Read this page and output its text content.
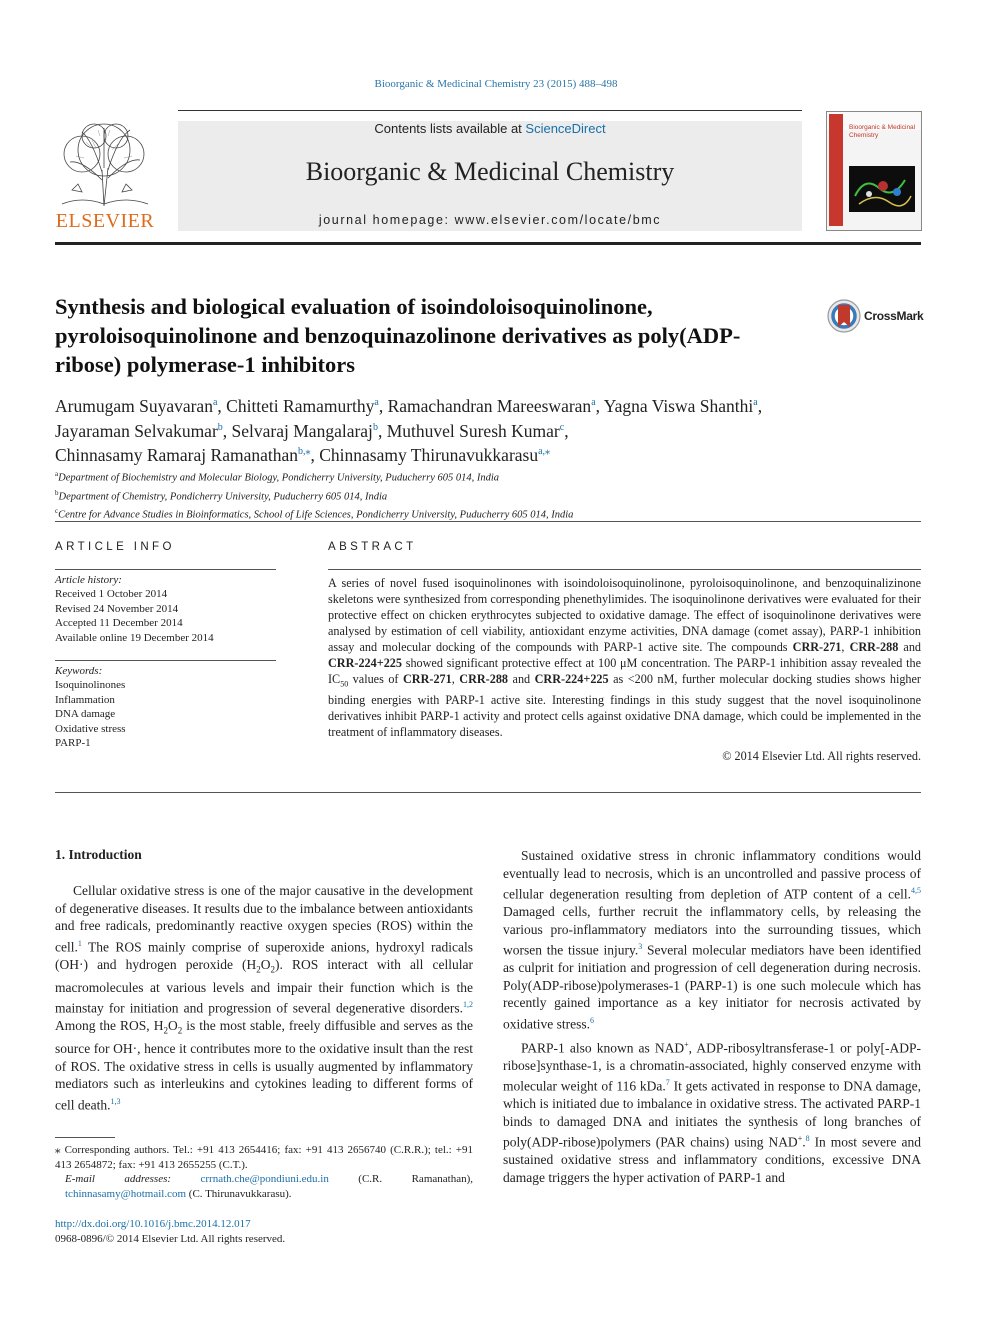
Bioorganic & Medicinal Chemistry 23 (2015) 488–498
ELSEVIER
Contents lists available at ScienceDirect
Bioorganic & Medicinal Chemistry
journal homepage: www.elsevier.com/locate/bmc
Bioorganic & Medicinal Chemistry
Synthesis and biological evaluation of isoindoloisoquinolinone, pyroloisoquinolinone and benzoquinazolinone derivatives as poly(ADP-ribose) polymerase-1 inhibitors
CrossMark
Arumugam Suyavaran$^a$, Chitteti Ramamurthy$^a$, Ramachandran Mareeswaran$^a$, Yagna Viswa Shanthi$^a$,
Jayaraman Selvakumar$^b$, Selvaraj Mangalaraj$^b$, Muthuvel Suresh Kumar$^c$,
Chinnasamy Ramaraj Ramanathan$^{b,⁎}$, Chinnasamy Thirunavukkarasu$^{a,⁎}$
$^a$Department of Biochemistry and Molecular Biology, Pondicherry University, Puducherry 605 014, India
$^b$Department of Chemistry, Pondicherry University, Puducherry 605 014, India
$^c$Centre for Advance Studies in Bioinformatics, School of Life Sciences, Pondicherry University, Puducherry 605 014, India
ARTICLE INFO
Article history:
Received 1 October 2014
Revised 24 November 2014
Accepted 11 December 2014
Available online 19 December 2014
Keywords:
Isoquinolinones
Inflammation
DNA damage
Oxidative stress
PARP-1
ABSTRACT
A series of novel fused isoquinolinones with isoindoloisoquinolinone, pyroloisoquinolinone, and benzoquinalizinone skeletons were synthesized from corresponding phenethylimides. The isoquinolinone derivatives were evaluated for their protective effect on chicken erythrocytes subjected to oxidative damage. The effect of isoquinolinone derivatives were analysed by estimation of cell viability, antioxidant enzyme activities, DNA damage (comet assay), PARP-1 inhibition assay and molecular docking of the compounds with PARP-1 active site. The compounds CRR-271, CRR-288 and CRR-224+225 showed significant protective effect at 100 μM concentration. The PARP-1 inhibition assay revealed the $IC_{50}$ values of CRR-271, CRR-288 and CRR-224+225 as <200 nM, further molecular docking studies shows higher binding energies with PARP-1 active site. Interesting findings in this study suggest that the novel isoquinolinone derivatives inhibit PARP-1 activity and protect cells against oxidative DNA damage, which could be implemented in the treatment of inflammatory diseases.
© 2014 Elsevier Ltd. All rights reserved.
1. Introduction

Cellular oxidative stress is one of the major causative in the development of degenerative diseases. It results due to the imbalance between antioxidants and free radicals, predominantly reactive oxygen species (ROS) within the cell.$^1$ The ROS mainly comprise of superoxide anions, hydroxyl radicals (OH·) and hydrogen peroxide $(H_2O_2)$. ROS interact with all cellular macromolecules at various levels and impair their function which is the mainstay for initiation and progression of several degenerative disorders.$^{1,2}$ Among the ROS, $H_2O_2$ is the most stable, freely diffusible and serves as the source for OH·, hence it contributes more to the oxidative insult than the rest of ROS. The oxidative stress in cells is usually augmented by inflammatory mediators such as interleukins and cytokines leading to different forms of cell death.$^{1,3}$

Sustained oxidative stress in chronic inflammatory conditions would eventually lead to necrosis, which is an uncontrolled and passive process of cellular degeneration resulting from depletion of ATP content of a cell.$^{4,5}$ Damaged cells, further recruit the inflammatory cells, by releasing the various pro-inflammatory mediators into the surrounding tissues, which worsen the tissue injury.$^3$ Several molecular mediators have been identified as culprit for initiation and progression of cell degeneration during necrosis. Poly(ADP-ribose)polymerases-1 (PARP-1) is one such molecule which has recently gained importance as a key initiator for necrosis activated by oxidative stress.$^6$

PARP-1 also known as NAD+, ADP-ribosyltransferase-1 or poly[-ADP-ribose]synthase-1, is a chromatin-associated, highly conserved enzyme with molecular weight of 116 kDa.$^7$ It gets activated in response to DNA damage, which is initiated due to imbalance in oxidative stress. The activated PARP-1 binds to damaged DNA and initiates the synthesis of long branches of poly(ADP-ribose)polymers (PAR chains) using NAD+.$^8$ In most severe and sustained oxidative stress and inflammatory conditions, excessive DNA damage triggers the hyper activation of PARP-1 and

⁎ Corresponding authors. Tel.: +91 413 2654416; fax: +91 413 2656740 (C.R.R.); tel.: +91 413 2654872; fax: +91 413 2655255 (C.T.).
E-mail addresses: crrnath.che@pondiuni.edu.in (C.R. Ramanathan), tchinnasamy@hotmail.com (C. Thirunavukkarasu).
http://dx.doi.org/10.1016/j.bmc.2014.12.017
0968-0896/© 2014 Elsevier Ltd. All rights reserved.
